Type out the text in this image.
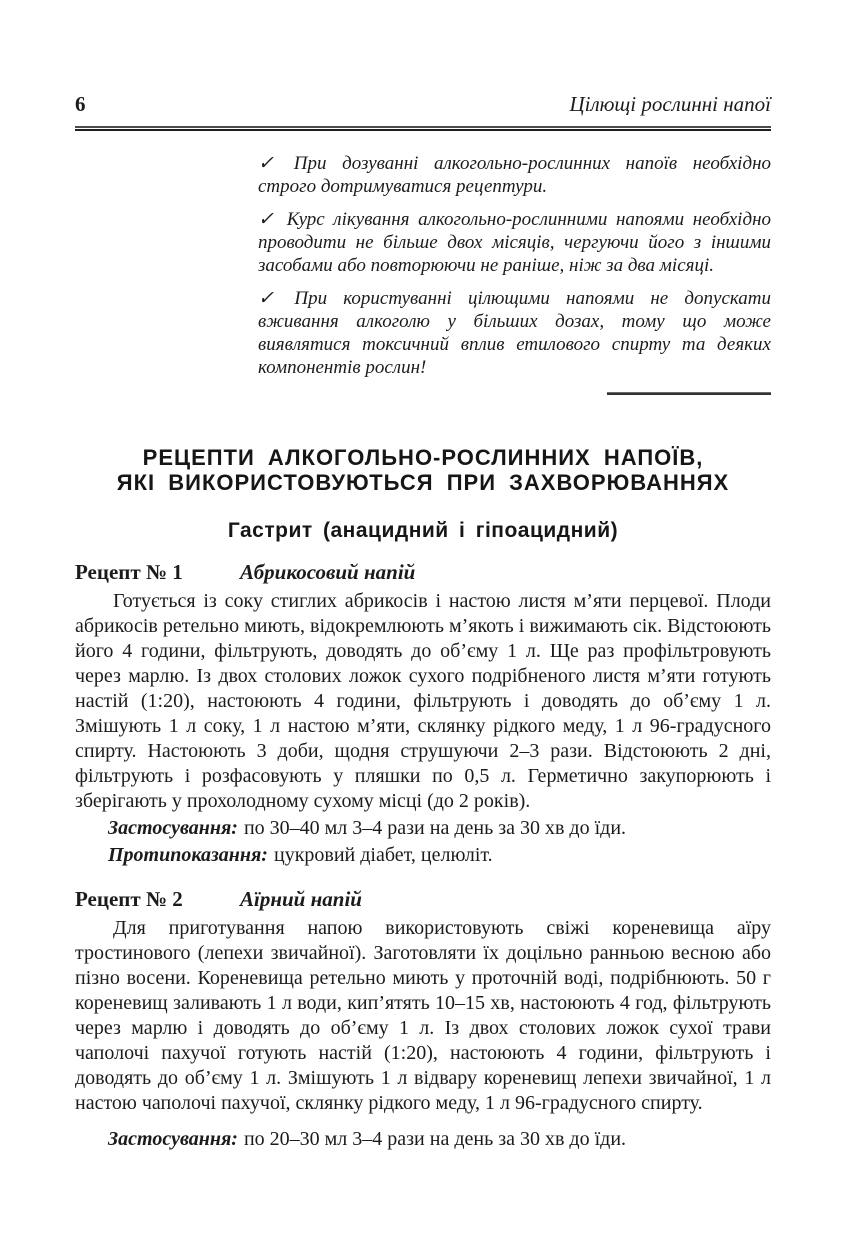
6	Цілющі рослинні напої

✓ При дозуванні алкогольно-рослинних напоїв необхідно строго дотримуватися рецептури.

✓ Курс лікування алкогольно-рослинними напоями необхідно проводити не більше двох місяців, чергуючи його з іншими засобами або повторюючи не раніше, ніж за два місяці.

✓ При користуванні цілющими напоями не допускати вживання алкоголю у більших дозах, тому що може виявлятися токсичний вплив етилового спирту та деяких компонентів рослин!

РЕЦЕПТИ АЛКОГОЛЬНО-РОСЛИННИХ НАПОЇВ,
ЯКІ ВИКОРИСТОВУЮТЬСЯ ПРИ ЗАХВОРЮВАННЯХ
Гастрит (анацидний і гіпоацидний)
Рецепт № 1	Абрикосовий напій

Готується із соку стиглих абрикосів і настою листя м’яти перцевої. Плоди абрикосів ретельно миють, відокремлюють м’якоть і вижимають сік. Відстоюють його 4 години, фільтрують, доводять до об’єму 1 л. Ще раз профільтровують через марлю. Із двох столових ложок сухого подрібненого листя м’яти готують настій (1:20), настоюють 4 години, фільтрують і доводять до об’єму 1 л. Змішують 1 л соку, 1 л настою м’яти, склянку рідкого меду, 1 л 96-градусного спирту. Настоюють 3 доби, щодня струшуючи 2–3 рази. Відстоюють 2 дні, фільтрують і розфасовують у пляшки по 0,5 л. Герметично закупорюють і зберігають у прохолодному сухому місці (до 2 років).

Застосування: по 30–40 мл 3–4 рази на день за 30 хв до їди.

Протипоказання: цукровий діабет, целюліт.

Рецепт № 2	Аїрний напій

Для приготування напою використовують свіжі кореневища аїру тростинового (лепехи звичайної). Заготовляти їх доцільно ранньою весною або пізно восени. Кореневища ретельно миють у проточній воді, подрібнюють. 50 г кореневищ заливають 1 л води, кип’ятять 10–15 хв, настоюють 4 год, фільтрують через марлю і доводять до об’єму 1 л. Із двох столових ложок сухої трави чаполочі пахучої готують настій (1:20), настоюють 4 години, фільтрують і доводять до об’єму 1 л. Змішують 1 л відвару кореневищ лепехи звичайної, 1 л настою чаполочі пахучої, склянку рідкого меду, 1 л 96-градусного спирту.

Застосування: по 20–30 мл 3–4 рази на день за 30 хв до їди.
